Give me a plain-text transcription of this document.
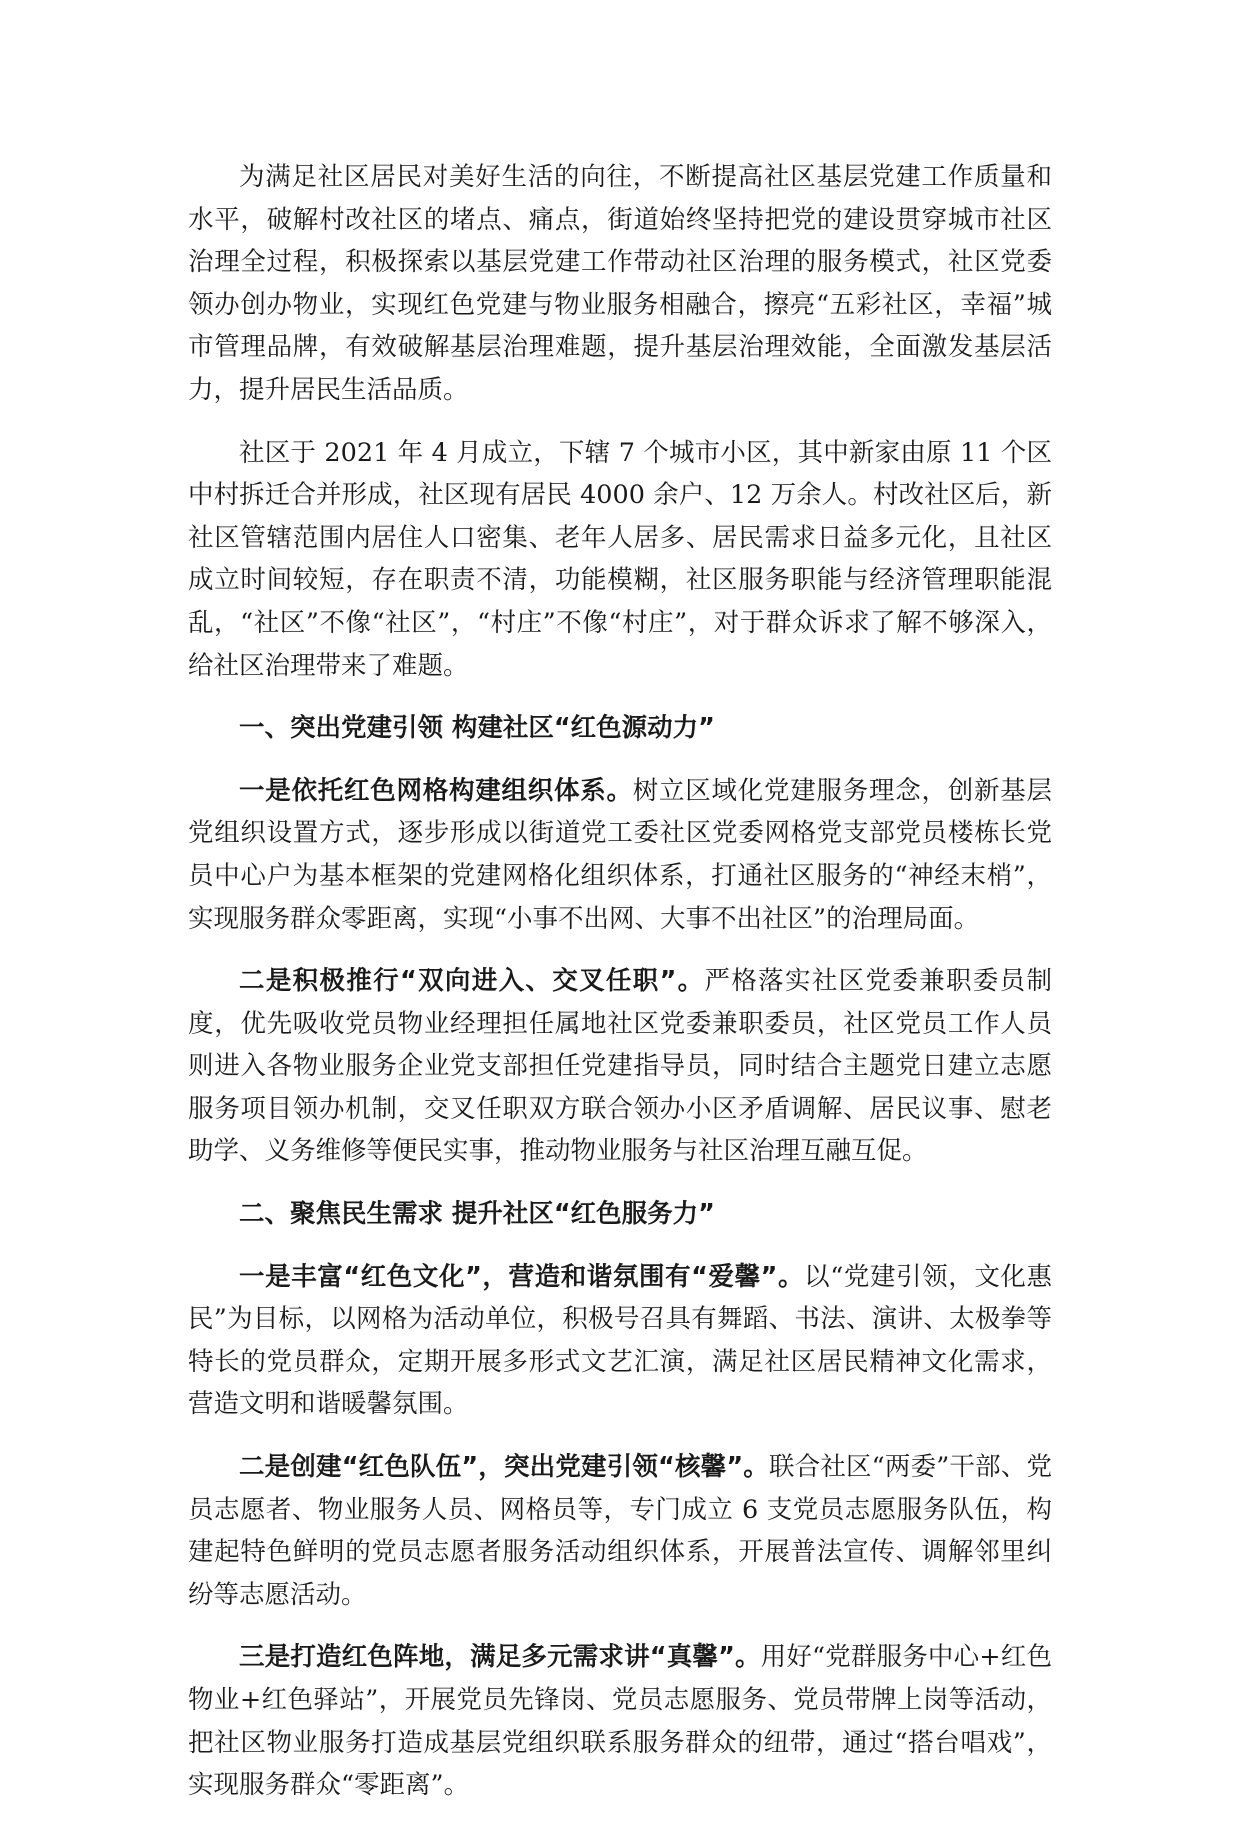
为满足社区居民对美好生活的向往，不断提高社区基层党建工作质量和水平，破解村改社区的堵点、痛点，街道始终坚持把党的建设贯穿城市社区治理全过程，积极探索以基层党建工作带动社区治理的服务模式，社区党委领办创办物业，实现红色党建与物业服务相融合，擦亮“五彩社区，幸福”城市管理品牌，有效破解基层治理难题，提升基层治理效能，全面激发基层活力，提升居民生活品质。

社区于 2021 年 4 月成立，下辖 7 个城市小区，其中新家由原 11 个区中村拆迁合并形成，社区现有居民 4000 余户、12 万余人。村改社区后，新社区管辖范围内居住人口密集、老年人居多、居民需求日益多元化，且社区成立时间较短，存在职责不清，功能模糊，社区服务职能与经济管理职能混乱，“社区”不像“社区”，“村庄”不像“村庄”，对于群众诉求了解不够深入，给社区治理带来了难题。

一、突出党建引领 构建社区“红色源动力”

一是依托红色网格构建组织体系。树立区域化党建服务理念，创新基层党组织设置方式，逐步形成以街道党工委社区党委网格党支部党员楼栋长党员中心户为基本框架的党建网格化组织体系，打通社区服务的“神经末梢”，实现服务群众零距离，实现“小事不出网、大事不出社区”的治理局面。

二是积极推行“双向进入、交叉任职”。严格落实社区党委兼职委员制度，优先吸收党员物业经理担任属地社区党委兼职委员，社区党员工作人员则进入各物业服务企业党支部担任党建指导员，同时结合主题党日建立志愿服务项目领办机制，交叉任职双方联合领办小区矛盾调解、居民议事、慰老助学、义务维修等便民实事，推动物业服务与社区治理互融互促。

二、聚焦民生需求 提升社区“红色服务力”

一是丰富“红色文化”，营造和谐氛围有“爱馨”。以“党建引领，文化惠民”为目标，以网格为活动单位，积极号召具有舞蹈、书法、演讲、太极拳等特长的党员群众，定期开展多形式文艺汇演，满足社区居民精神文化需求，营造文明和谐暖馨氛围。

二是创建“红色队伍”，突出党建引领“核馨”。联合社区“两委”干部、党员志愿者、物业服务人员、网格员等，专门成立 6 支党员志愿服务队伍，构建起特色鲜明的党员志愿者服务活动组织体系，开展普法宣传、调解邻里纠纷等志愿活动。

三是打造红色阵地，满足多元需求讲“真馨”。用好“党群服务中心+红色物业+红色驿站”，开展党员先锋岗、党员志愿服务、党员带牌上岗等活动，把社区物业服务打造成基层党组织联系服务群众的纽带，通过“搭台唱戏”，实现服务群众“零距离”。
